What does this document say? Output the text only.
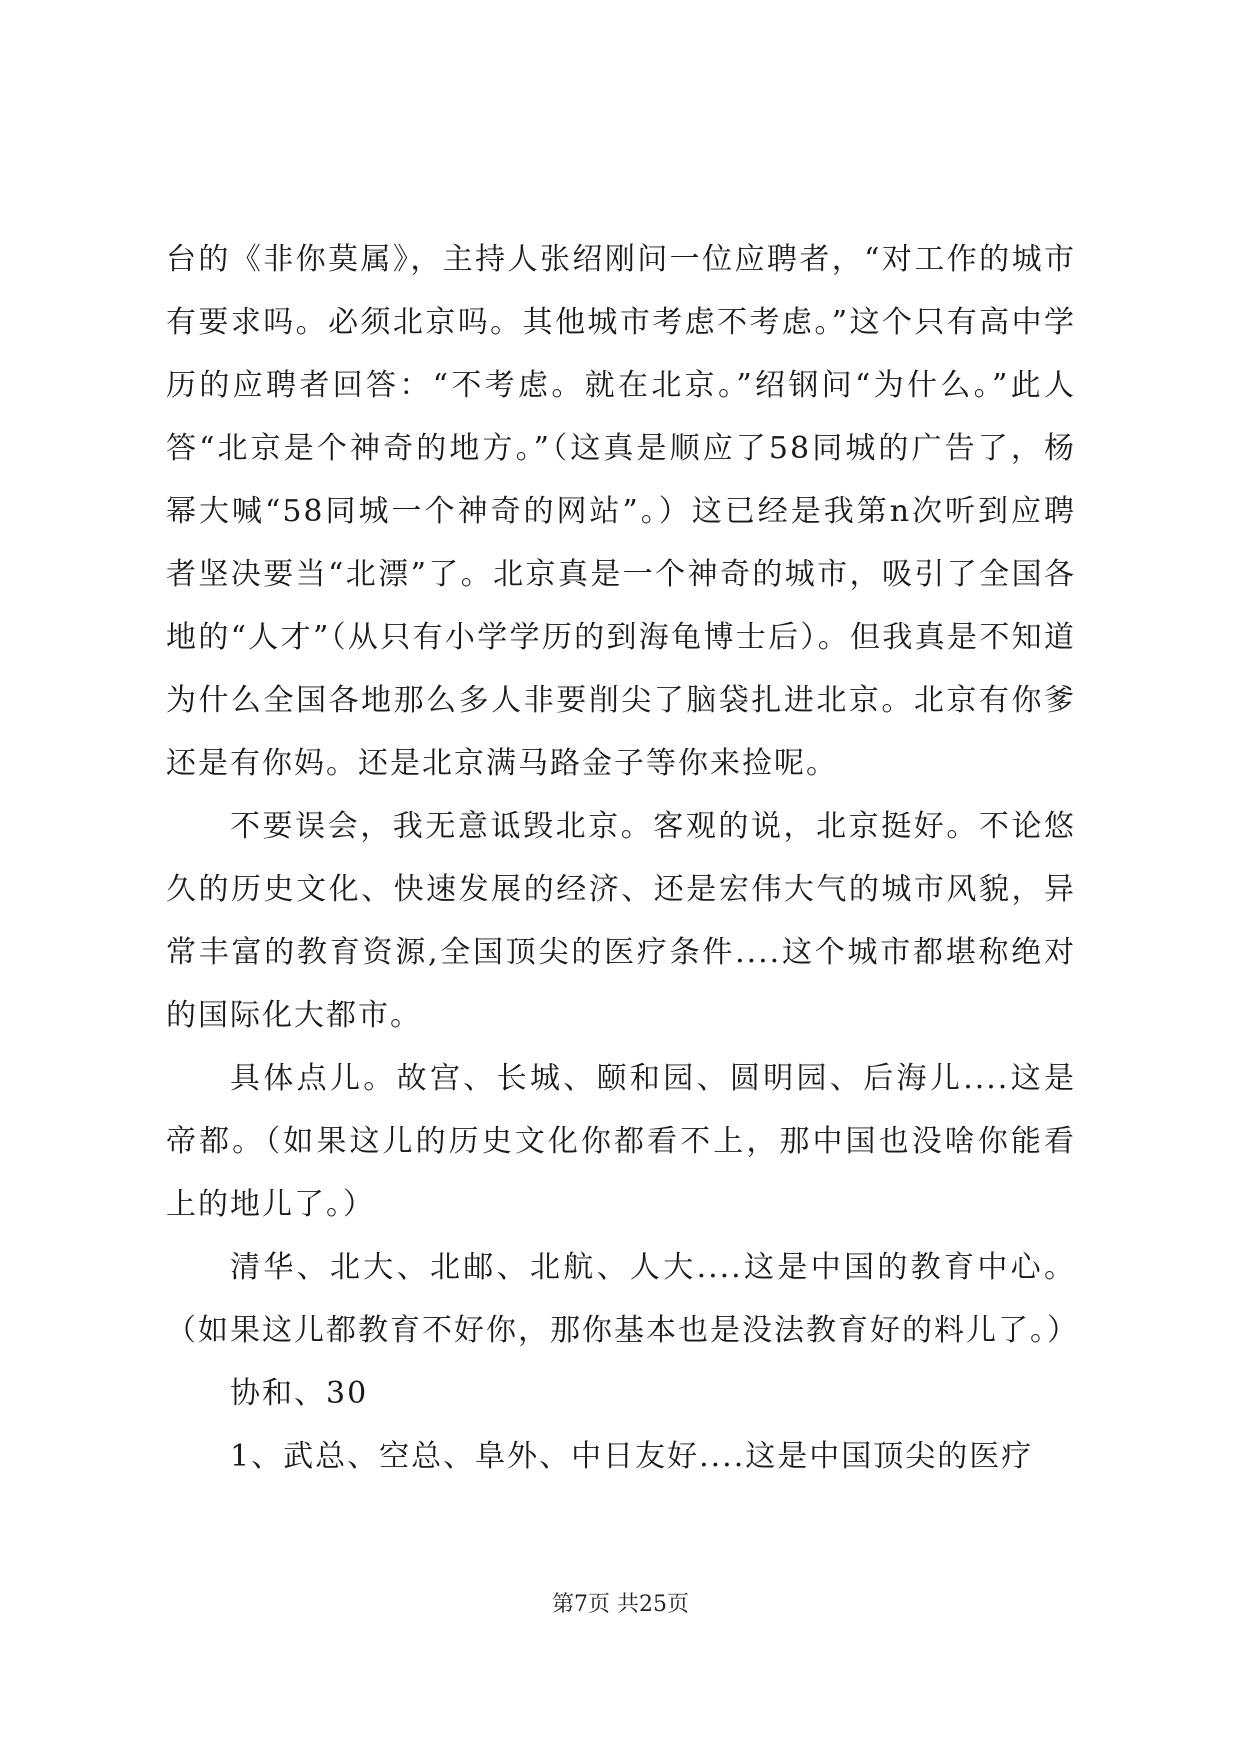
台的《非你莫属》，主持人张绍刚问一位应聘者，“对工作的城市有要求吗。必须北京吗。其他城市考虑不考虑。”这个只有高中学历的应聘者回答：“不考虑。就在北京。”绍钢问“为什么。”此人答“北京是个神奇的地方。”（这真是顺应了58同城的广告了，杨幂大喊“58同城一个神奇的网站”。）这已经是我第n次听到应聘者坚决要当“北漂”了。北京真是一个神奇的城市，吸引了全国各地的“人才”（从只有小学学历的到海龟博士后）。但我真是不知道为什么全国各地那么多人非要削尖了脑袋扎进北京。北京有你爹还是有你妈。还是北京满马路金子等你来捡呢。

不要误会，我无意诋毁北京。客观的说，北京挺好。不论悠久的历史文化、快速发展的经济、还是宏伟大气的城市风貌，异常丰富的教育资源,全国顶尖的医疗条件....这个城市都堪称绝对的国际化大都市。

具体点儿。故宫、长城、颐和园、圆明园、后海儿....这是帝都。（如果这儿的历史文化你都看不上，那中国也没啥你能看上的地儿了。）

清华、北大、北邮、北航、人大....这是中国的教育中心。（如果这儿都教育不好你，那你基本也是没法教育好的料儿了。）

协和、30

1、武总、空总、阜外、中日友好....这是中国顶尖的医疗

第7页 共25页
